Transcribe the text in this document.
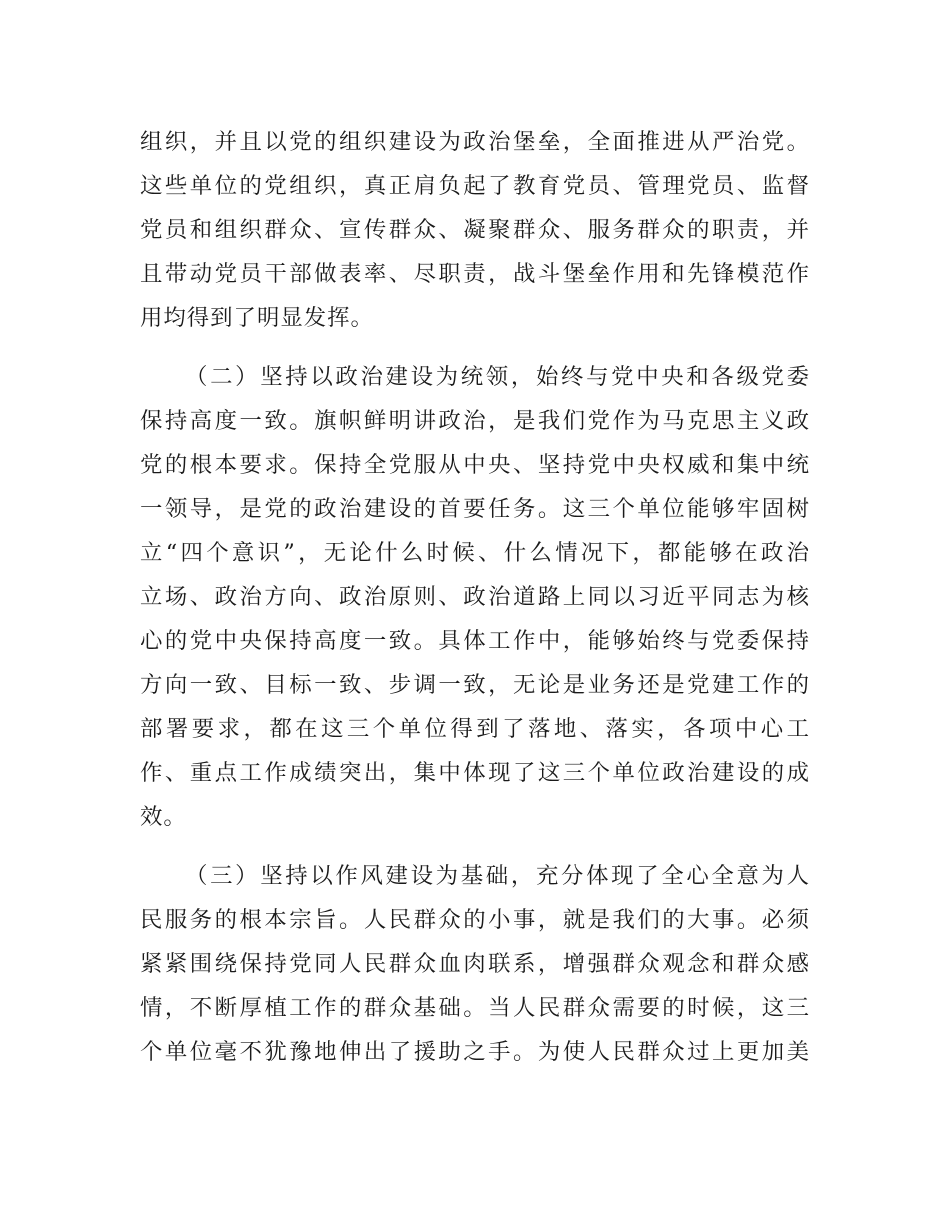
组织，并且以党的组织建设为政治堡垒，全面推进从严治党。
这些单位的党组织，真正肩负起了教育党员、管理党员、监督
党员和组织群众、宣传群众、凝聚群众、服务群众的职责，并
且带动党员干部做表率、尽职责，战斗堡垒作用和先锋模范作
用均得到了明显发挥。
（二）坚持以政治建设为统领，始终与党中央和各级党委
保持高度一致。旗帜鲜明讲政治，是我们党作为马克思主义政
党的根本要求。保持全党服从中央、坚持党中央权威和集中统
一领导，是党的政治建设的首要任务。这三个单位能够牢固树
立“四个意识”，无论什么时候、什么情况下，都能够在政治
立场、政治方向、政治原则、政治道路上同以习近平同志为核
心的党中央保持高度一致。具体工作中，能够始终与党委保持
方向一致、目标一致、步调一致，无论是业务还是党建工作的
部署要求，都在这三个单位得到了落地、落实，各项中心工
作、重点工作成绩突出，集中体现了这三个单位政治建设的成
效。
（三）坚持以作风建设为基础，充分体现了全心全意为人
民服务的根本宗旨。人民群众的小事，就是我们的大事。必须
紧紧围绕保持党同人民群众血肉联系，增强群众观念和群众感
情，不断厚植工作的群众基础。当人民群众需要的时候，这三
个单位毫不犹豫地伸出了援助之手。为使人民群众过上更加美
